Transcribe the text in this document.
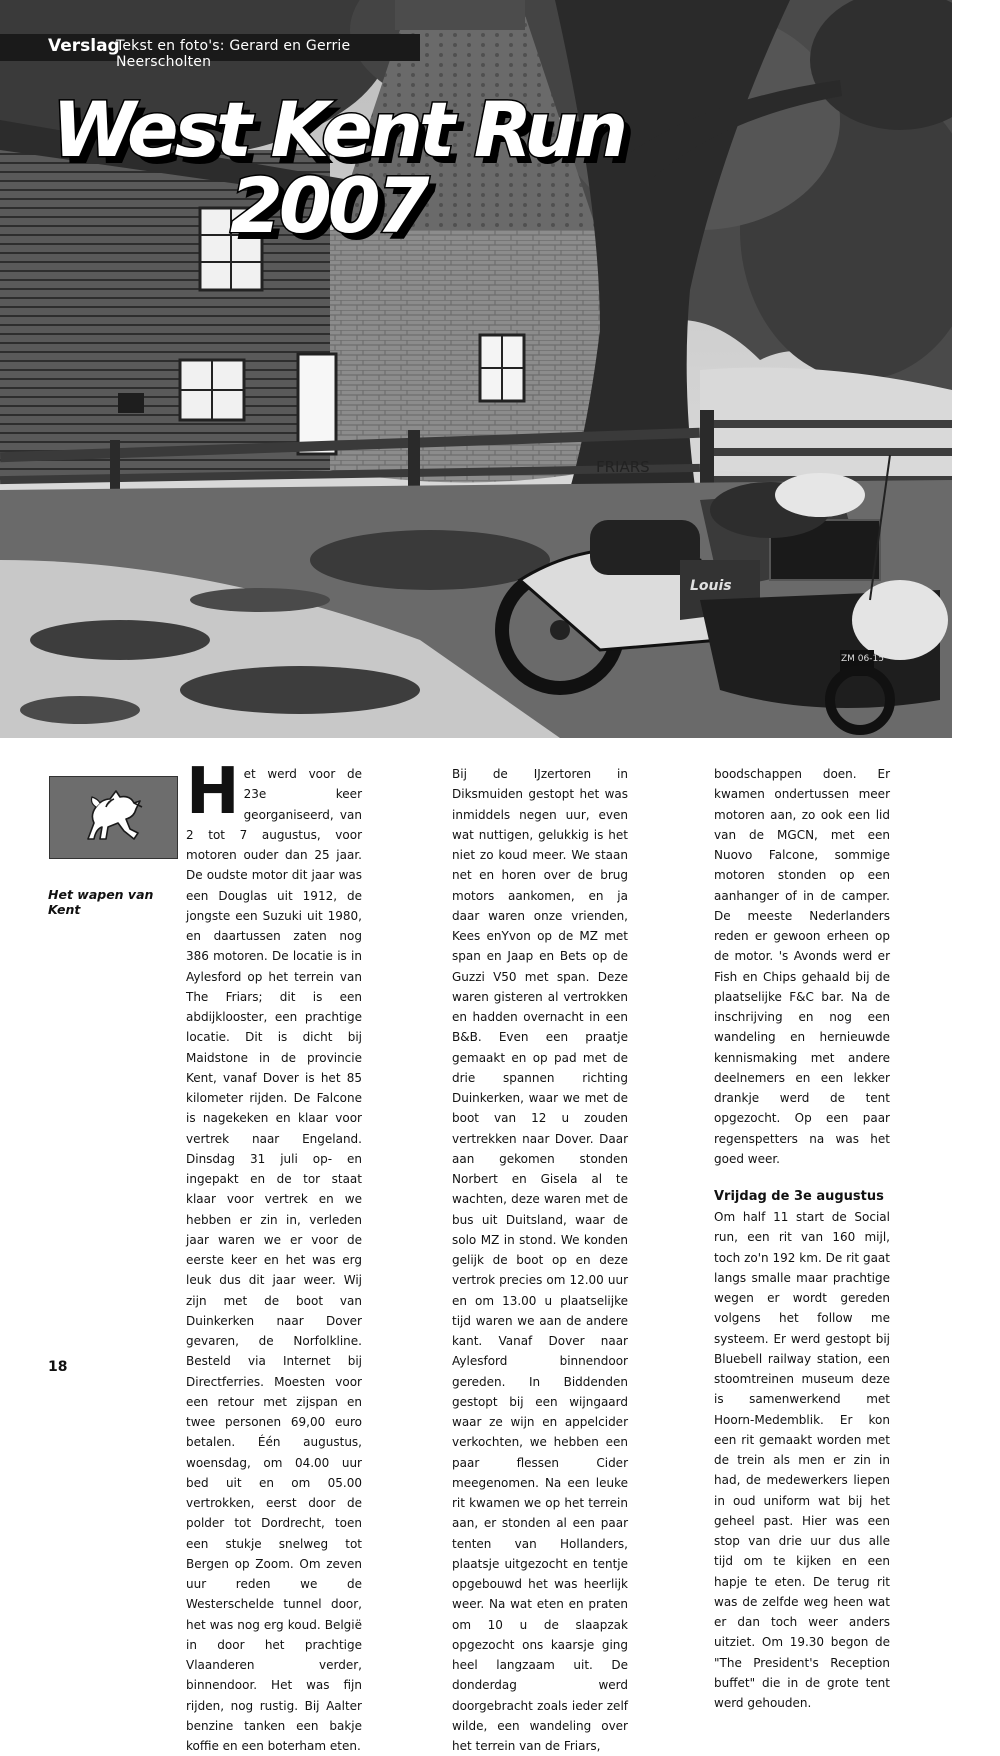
FRIARS
Louis
ZM 06-15
Verslag
Tekst en foto's: Gerard en Gerrie Neerscholten
West Kent Run
2007
Het wapen van Kent
H et werd voor de 23e keer georganiseerd, van 2 tot 7 augustus, voor motoren ouder dan 25 jaar. De oudste motor dit jaar was een Douglas uit 1912, de jongste een Suzuki uit 1980, en daartussen zaten nog 386 motoren. De locatie is in Aylesford op het terrein van The Friars; dit is een abdijklooster, een prachtige locatie. Dit is dicht bij Maidstone in de provincie Kent, vanaf Dover is het 85 kilometer rijden. De Falcone is nagekeken en klaar voor vertrek naar Engeland. Dinsdag 31 juli op- en ingepakt en de tor staat klaar voor vertrek en we hebben er zin in, verleden jaar waren we er voor de eerste keer en het was erg leuk dus dit jaar weer. Wij zijn met de boot van Duinkerken naar Dover gevaren, de Norfolkline. Besteld via Internet bij Directferries. Moesten voor een retour met zijspan en twee personen 69,00 euro betalen. Één augustus, woensdag, om 04.00 uur bed uit en om 05.00 vertrokken, eerst door de polder tot Dordrecht, toen een stukje snelweg tot Bergen op Zoom. Om zeven uur reden we de Westerschelde tunnel door, het was nog erg koud. België in door het prachtige Vlaanderen verder, binnendoor. Het was fijn rijden, nog rustig. Bij Aalter benzine tanken een bakje koffie en een boterham eten.

Bij de IJzertoren in Diksmuiden gestopt het was inmiddels negen uur, even wat nuttigen, gelukkig is het niet zo koud meer. We staan net en horen over de brug motors aankomen, en ja daar waren onze vrienden, Kees enYvon op de MZ met span en Jaap en Bets op de Guzzi V50 met span. Deze waren gisteren al vertrokken en hadden overnacht in een B&B. Even een praatje gemaakt en op pad met de drie spannen richting Duinkerken, waar we met de boot van 12 u zouden vertrekken naar Dover. Daar aan gekomen stonden Norbert en Gisela al te wachten, deze waren met de bus uit Duitsland, waar de solo MZ in stond. We konden gelijk de boot op en deze vertrok precies om 12.00 uur en om 13.00 u plaatselijke tijd waren we aan de andere kant. Vanaf Dover naar Aylesford binnendoor gereden. In Biddenden gestopt bij een wijngaard waar ze wijn en appelcider verkochten, we hebben een paar flessen Cider meegenomen. Na een leuke rit kwamen we op het terrein aan, er stonden al een paar tenten van Hollanders, plaatsje uitgezocht en tentje opgebouwd het was heerlijk weer. Na wat eten en praten om 10 u de slaapzak opgezocht ons kaarsje ging heel langzaam uit. De donderdag werd doorgebracht zoals ieder zelf wilde, een wandeling over het terrein van de Friars,

boodschappen doen. Er kwamen ondertussen meer motoren aan, zo ook een lid van de MGCN, met een Nuovo Falcone, sommige motoren stonden op een aanhanger of in de camper. De meeste Nederlanders reden er gewoon erheen op de motor. 's Avonds werd er Fish en Chips gehaald bij de plaatselijke F&C bar. Na de inschrijving en nog een wandeling en hernieuwde kennismaking met andere deelnemers en een lekker drankje werd de tent opgezocht. Op een paar regenspetters na was het goed weer.

Vrijdag de 3e augustus

Om half 11 start de Social run, een rit van 160 mijl, toch zo'n 192 km. De rit gaat langs smalle maar prachtige wegen er wordt gereden volgens het follow me systeem. Er werd gestopt bij Bluebell railway station, een stoomtreinen museum deze is samenwerkend met Hoorn-Medemblik. Er kon een rit gemaakt worden met de trein als men er zin in had, de medewerkers liepen in oud uniform wat bij het geheel past. Hier was een stop van drie uur dus alle tijd om te kijken en een hapje te eten. De terug rit was de zelfde weg heen wat er dan toch weer anders uitziet. Om 19.30 begon de "The President's Reception buffet" die in de grote tent werd gehouden.

18
